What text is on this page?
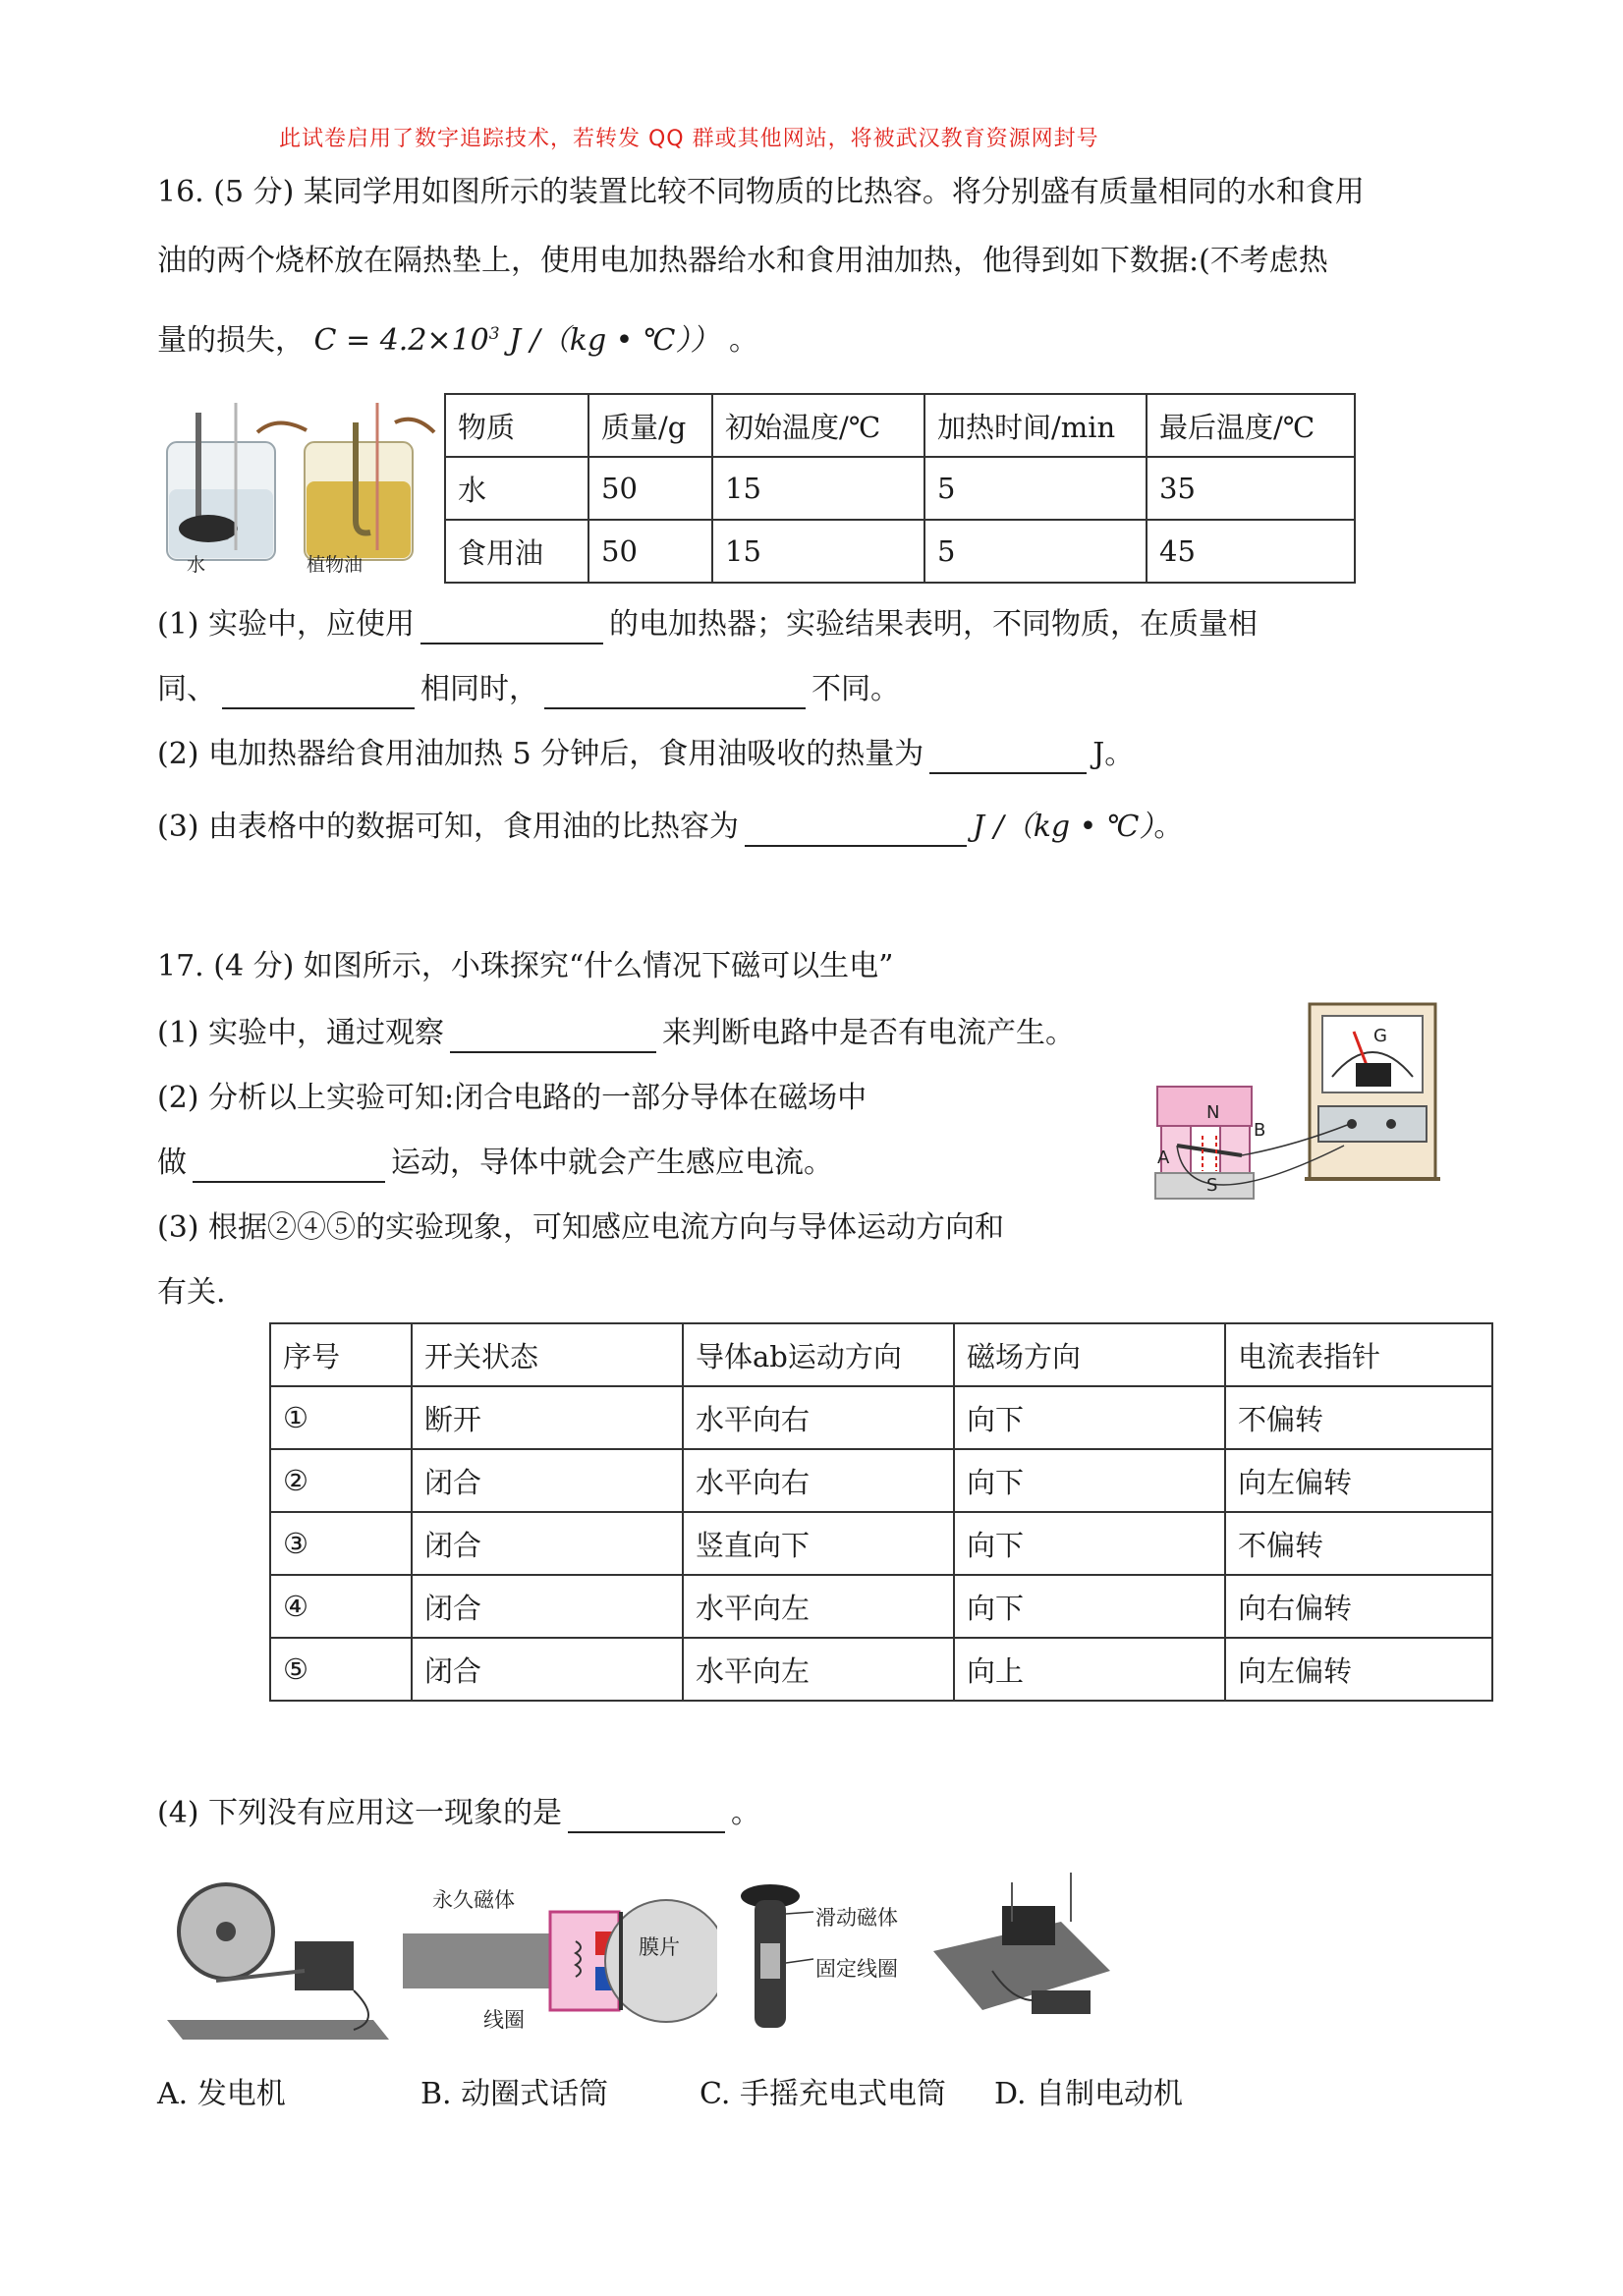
此试卷启用了数字追踪技术，若转发 QQ 群或其他网站，将被武汉教育资源网封号
16. (5 分) 某同学用如图所示的装置比较不同物质的比热容。将分别盛有质量相同的水和食用
油的两个烧杯放在隔热垫上，使用电加热器给水和食用油加热，他得到如下数据:(不考虑热
量的损失， $C = 4.2\times 10^3$ J /（kg • ℃）） 。
水	植物油
物质	质量/g	初始温度/℃	加热时间/min	最后温度/℃
水	50	15	5	35
食用油	50	15	5	45
(1) 实验中，应使用	的电加热器；实验结果表明，不同物质，在质量相
同、	相同时，	不同。
(2) 电加热器给食用油加热 5 分钟后，食用油吸收的热量为	J。
(3) 由表格中的数据可知，食用油的比热容为	J /（kg • ℃）。
17. (4 分) 如图所示，小珠探究“什么情况下磁可以生电”
(1) 实验中，通过观察	来判断电路中是否有电流产生。
(2) 分析以上实验可知:闭合电路的一部分导体在磁场中
做	运动，导体中就会产生感应电流。
(3) 根据②④⑤的实验现象，可知感应电流方向与导体运动方向和
有关.
N
S
A
B
G
序号	开关状态	导体ab运动方向	磁场方向	电流表指针
①	断开	水平向右	向下	不偏转
②	闭合	水平向右	向下	向左偏转
③	闭合	竖直向下	向下	不偏转
④	闭合	水平向左	向下	向右偏转
⑤	闭合	水平向左	向上	向左偏转
(4) 下列没有应用这一现象的是	。
永久磁体
膜片
线圈
滑动磁体
固定线圈
A. 发电机	B. 动圈式话筒	C. 手摇充电式电筒 D. 自制电动机
